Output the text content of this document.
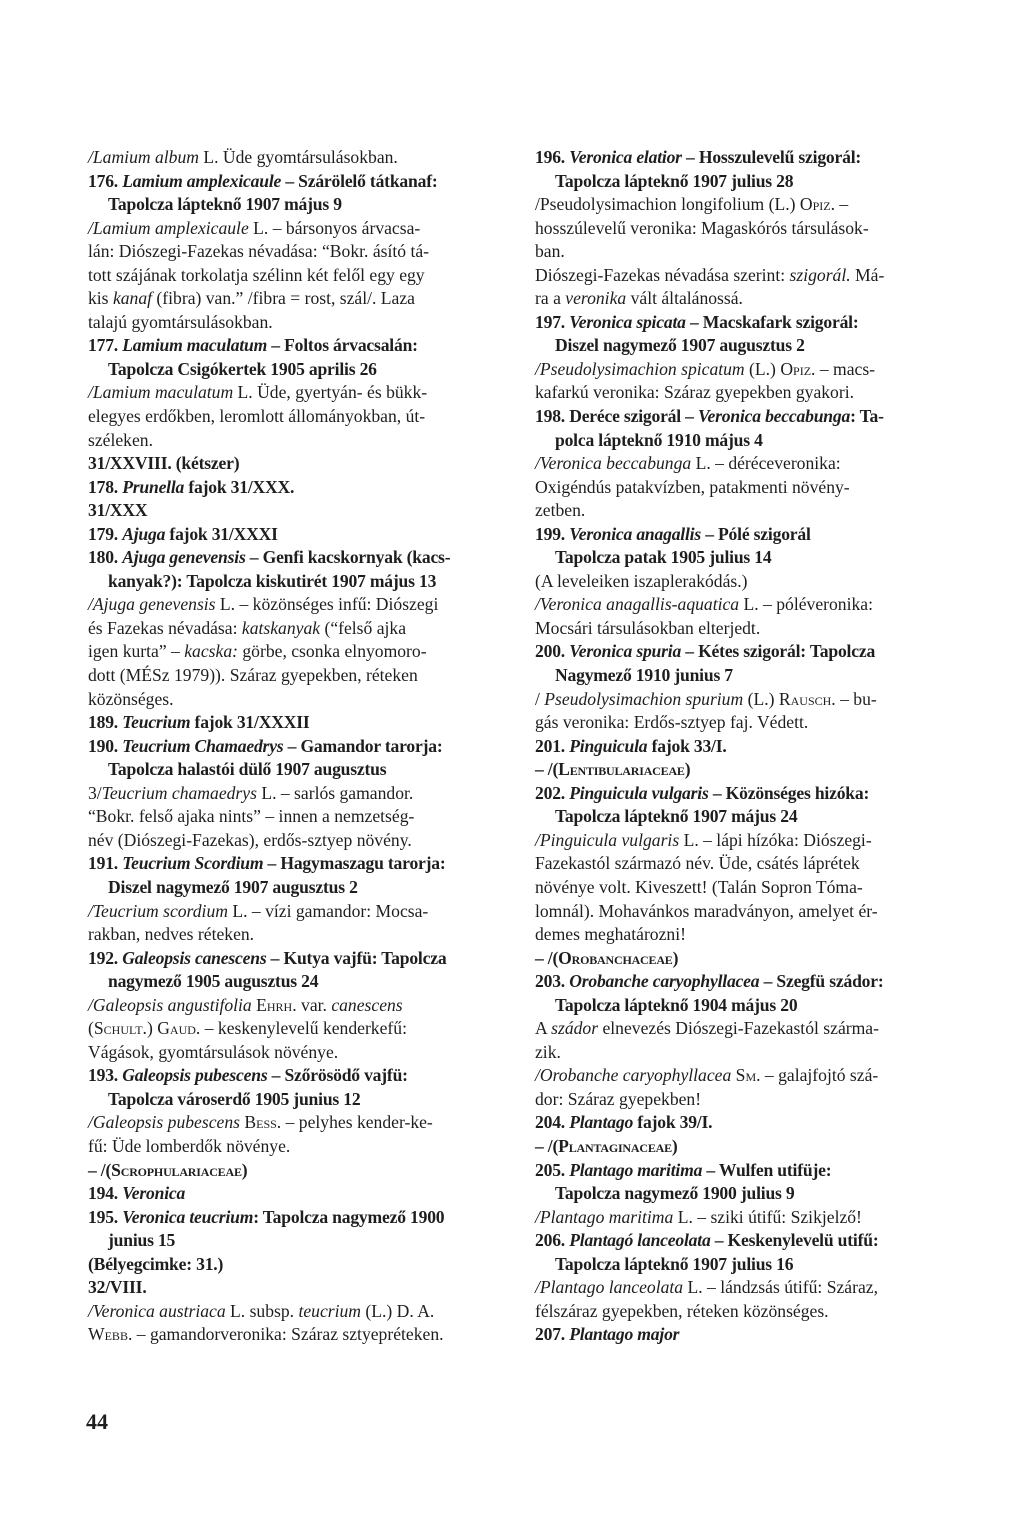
/Lamium album L. Üde gyomtársulásokban.
176. Lamium amplexicaule – Szárölelő tátkanaf:
Tapolcza lápteknő 1907 május 9
/Lamium amplexicaule L. – bársonyos árvacsa-
lán: Diószegi-Fazekas névadása: “Bokr. ásító tá-
tott szájának torkolatja szélinn két felől egy egy
kis kanaf (fibra) van.” /fibra = rost, szál/. Laza
talajú gyomtársulásokban.
177. Lamium maculatum – Foltos árvacsalán:
Tapolcza Csigókertek 1905 aprilis 26
/Lamium maculatum L. Üde, gyertyán- és bükk-
elegyes erdőkben, leromlott állományokban, út-
széleken.
31/XXVIII. (kétszer)
178. Prunella fajok 31/XXX.
31/XXX
179. Ajuga fajok 31/XXXI
180. Ajuga genevensis – Genfi kacskornyak (kacs-
kanyak?): Tapolcza kiskutirét 1907 május 13
/Ajuga genevensis L. – közönséges infű: Diószegi
és Fazekas névadása: katskanyak (“felső ajka
igen kurta” – kacska: görbe, csonka elnyomoro-
dott (MÉSz 1979)). Száraz gyepekben, réteken
közönséges.
189. Teucrium fajok 31/XXXII
190. Teucrium Chamaedrys – Gamandor tarorja:
Tapolcza halastói dülő 1907 augusztus
3/Teucrium chamaedrys L. – sarlós gamandor.
“Bokr. felső ajaka nints” – innen a nemzetség-
név (Diószegi-Fazekas), erdős-sztyep növény.
191. Teucrium Scordium – Hagymaszagu tarorja:
Diszel nagymező 1907 augusztus 2
/Teucrium scordium L. – vízi gamandor: Mocsa-
rakban, nedves réteken.
192. Galeopsis canescens – Kutya vajfü: Tapolcza
nagymező 1905 augusztus 24
/Galeopsis angustifolia Ehrh. var. canescens
(Schult.) Gaud. – keskenylevelű kenderkefű:
Vágások, gyomtársulások növénye.
193. Galeopsis pubescens – Szőrösödő vajfü:
Tapolcza városerdő 1905 junius 12
/Galeopsis pubescens Bess. – pelyhes kender-ke-
fű: Üde lomberdők növénye.
– /(Scrophulariaceae)
194. Veronica
195. Veronica teucrium: Tapolcza nagymező 1900
junius 15
(Bélyegcimke: 31.)
32/VIII.
/Veronica austriaca L. subsp. teucrium (L.) D. A.
Webb. – gamandorveronika: Száraz sztyepréteken.
196. Veronica elatior – Hosszulevelű szigorál:
Tapolcza lápteknő 1907 julius 28
/Pseudolysimachion longifolium (L.) Opiz. –
hosszúlevelű veronika: Magaskórós társulások-
ban.
Diószegi-Fazekas névadása szerint: szigorál. Má-
ra a veronika vált általánossá.
197. Veronica spicata – Macskafark szigorál:
Diszel nagymező 1907 augusztus 2
/Pseudolysimachion spicatum (L.) Opiz. – macs-
kafarkú veronika: Száraz gyepekben gyakori.
198. Derécе szigorál – Veronica beccabunga: Ta-
polca lápteknő 1910 május 4
/Veronica beccabunga L. – déréceveronika:
Oxigéndús patakvízben, patakmenti növény-
zetben.
199. Veronica anagallis – Pólé szigorál
Tapolcza patak 1905 julius 14
(A leveleiken iszaplerakódás.)
/Veronica anagallis-aquatica L. – póléveronika:
Mocsári társulásokban elterjedt.
200. Veronica spuria – Kétes szigorál: Tapolcza
Nagymező 1910 junius 7
/ Pseudolysimachion spurium (L.) Rausch. – bu-
gás veronika: Erdős-sztyep faj. Védett.
201. Pinguicula fajok 33/I.
– /(Lentibulariaceae)
202. Pinguicula vulgaris – Közönséges hizóka:
Tapolcza lápteknő 1907 május 24
/Pinguicula vulgaris L. – lápi hízóka: Diószegi-
Fazekastól származó név. Üde, csátés láprétek
növénye volt. Kiveszett! (Talán Sopron Tóma-
lomnál). Mohavánkos maradványon, amelyet ér-
demes meghatározni!
– /(Orobanchaceae)
203. Orobanche caryophyllacea – Szegfü szádor:
Tapolcza lápteknő 1904 május 20
A szádor elnevezés Diószegi-Fazekastól szárma-
zik.
/Orobanche caryophyllacea Sm. – galajfojtó szá-
dor: Száraz gyepekben!
204. Plantago fajok 39/I.
– /(Plantaginaceae)
205. Plantago maritima – Wulfen utifüje:
Tapolcza nagymező 1900 julius 9
/Plantago maritima L. – sziki útifű: Szikjelző!
206. Plantagó lanceolata – Keskenylevelü utifű:
Tapolcza lápteknő 1907 julius 16
/Plantago lanceolata L. – lándzsás útifű: Száraz,
félszáraz gyepekben, réteken közönséges.
207. Plantago major
44
